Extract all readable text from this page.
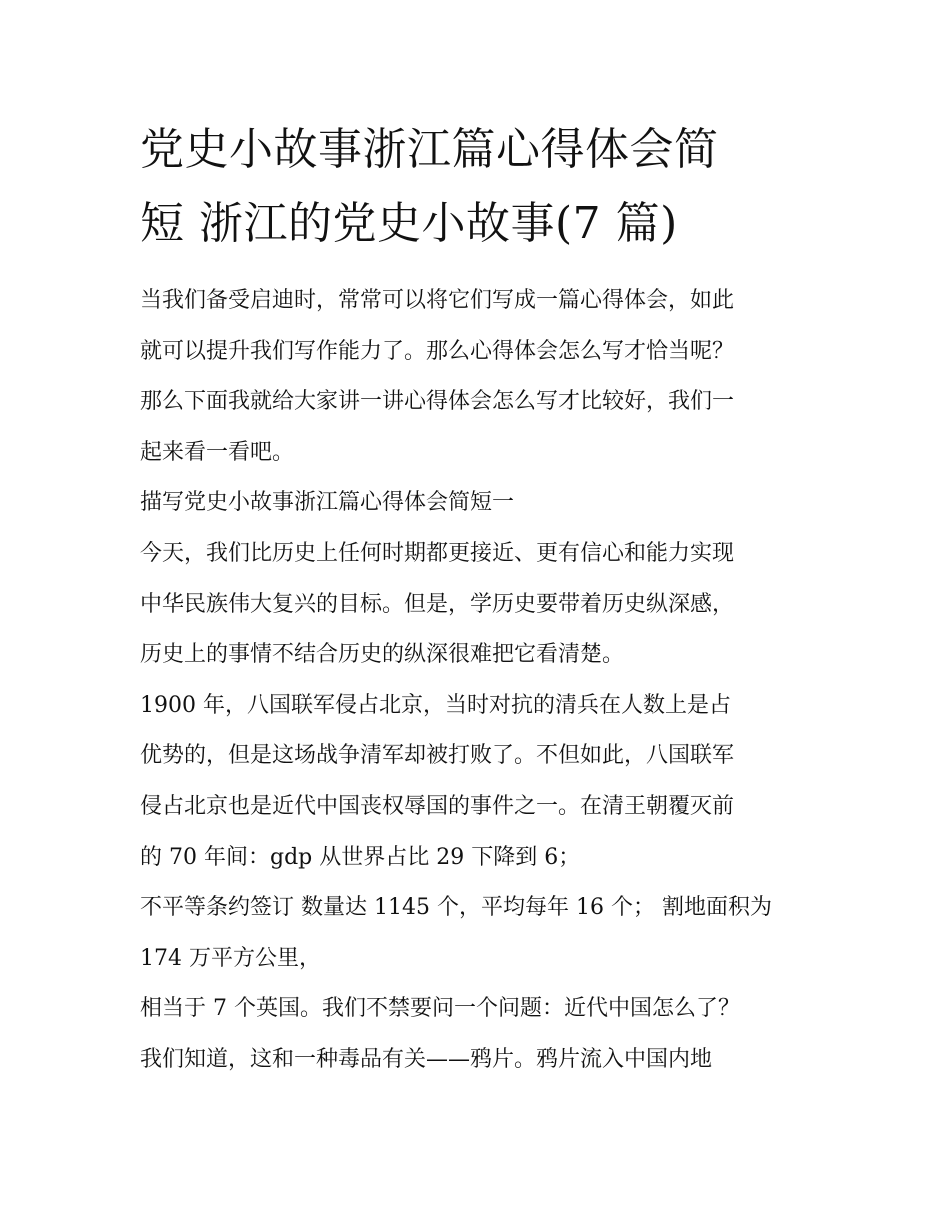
党史小故事浙江篇心得体会简
短 浙江的党史小故事(7 篇)
当我们备受启迪时，常常可以将它们写成一篇心得体会，如此
就可以提升我们写作能力了。那么心得体会怎么写才恰当呢？
那么下面我就给大家讲一讲心得体会怎么写才比较好，我们一
起来看一看吧。
描写党史小故事浙江篇心得体会简短一
今天，我们比历史上任何时期都更接近、更有信心和能力实现
中华民族伟大复兴的目标。但是，学历史要带着历史纵深感，
历史上的事情不结合历史的纵深很难把它看清楚。
1900 年，八国联军侵占北京，当时对抗的清兵在人数上是占
优势的，但是这场战争清军却被打败了。不但如此，八国联军
侵占北京也是近代中国丧权辱国的事件之一。在清王朝覆灭前
的 70 年间：gdp 从世界占比 29 下降到 6；
不平等条约签订 数量达 1145 个，平均每年 16 个； 割地面积为
174 万平方公里，
相当于 7 个英国。我们不禁要问一个问题：近代中国怎么了？
我们知道，这和一种毒品有关——鸦片。鸦片流入中国内地
